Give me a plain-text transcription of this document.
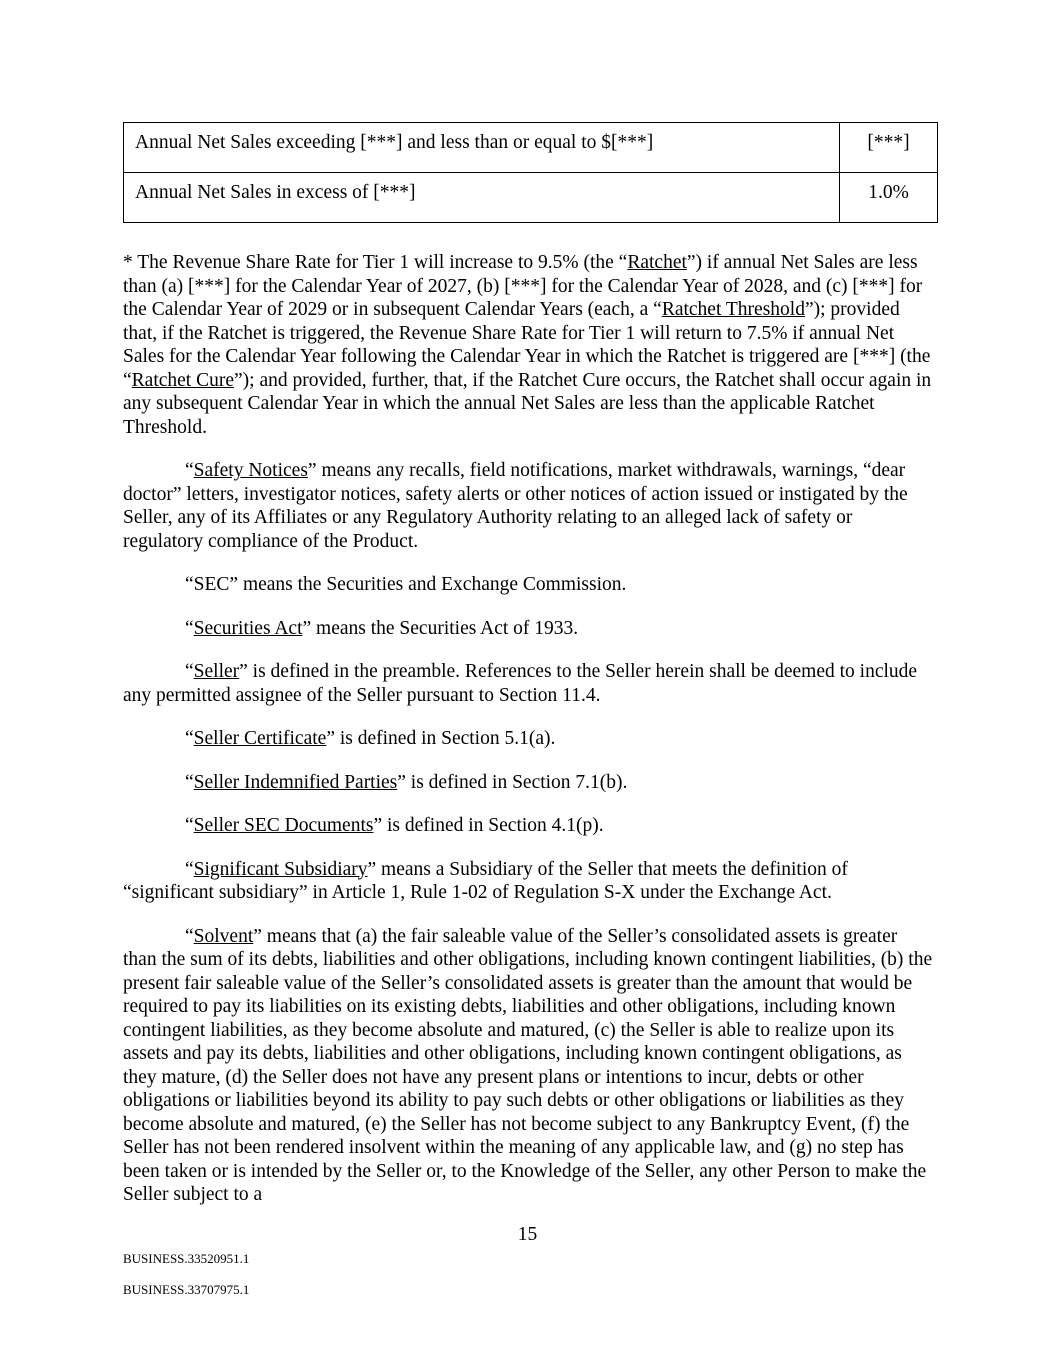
Annual Net Sales exceeding [***] and less than or equal to $[***]	[***]
Annual Net Sales in excess of [***]	1.0%

* The Revenue Share Rate for Tier 1 will increase to 9.5% (the “Ratchet”) if annual Net Sales are less than (a) [***] for the Calendar Year of 2027, (b) [***] for the Calendar Year of 2028, and (c) [***] for the Calendar Year of 2029 or in subsequent Calendar Years (each, a “Ratchet Threshold”); provided that, if the Ratchet is triggered, the Revenue Share Rate for Tier 1 will return to 7.5% if annual Net Sales for the Calendar Year following the Calendar Year in which the Ratchet is triggered are [***] (the “Ratchet Cure”); and provided, further, that, if the Ratchet Cure occurs, the Ratchet shall occur again in any subsequent Calendar Year in which the annual Net Sales are less than the applicable Ratchet Threshold.

“Safety Notices” means any recalls, field notifications, market withdrawals, warnings, “dear doctor” letters, investigator notices, safety alerts or other notices of action issued or instigated by the Seller, any of its Affiliates or any Regulatory Authority relating to an alleged lack of safety or regulatory compliance of the Product.

“SEC” means the Securities and Exchange Commission.

“Securities Act” means the Securities Act of 1933.

“Seller” is defined in the preamble. References to the Seller herein shall be deemed to include any permitted assignee of the Seller pursuant to Section 11.4.

“Seller Certificate” is defined in Section 5.1(a).

“Seller Indemnified Parties” is defined in Section 7.1(b).

“Seller SEC Documents” is defined in Section 4.1(p).

“Significant Subsidiary” means a Subsidiary of the Seller that meets the definition of “significant subsidiary” in Article 1, Rule 1-02 of Regulation S-X under the Exchange Act.

“Solvent” means that (a) the fair saleable value of the Seller’s consolidated assets is greater than the sum of its debts, liabilities and other obligations, including known contingent liabilities, (b) the present fair saleable value of the Seller’s consolidated assets is greater than the amount that would be required to pay its liabilities on its existing debts, liabilities and other obligations, including known contingent liabilities, as they become absolute and matured, (c) the Seller is able to realize upon its assets and pay its debts, liabilities and other obligations, including known contingent obligations, as they mature, (d) the Seller does not have any present plans or intentions to incur, debts or other obligations or liabilities beyond its ability to pay such debts or other obligations or liabilities as they become absolute and matured, (e) the Seller has not become subject to any Bankruptcy Event, (f) the Seller has not been rendered insolvent within the meaning of any applicable law, and (g) no step has been taken or is intended by the Seller or, to the Knowledge of the Seller, any other Person to make the Seller subject to a

15
BUSINESS.33520951.1
BUSINESS.33707975.1
